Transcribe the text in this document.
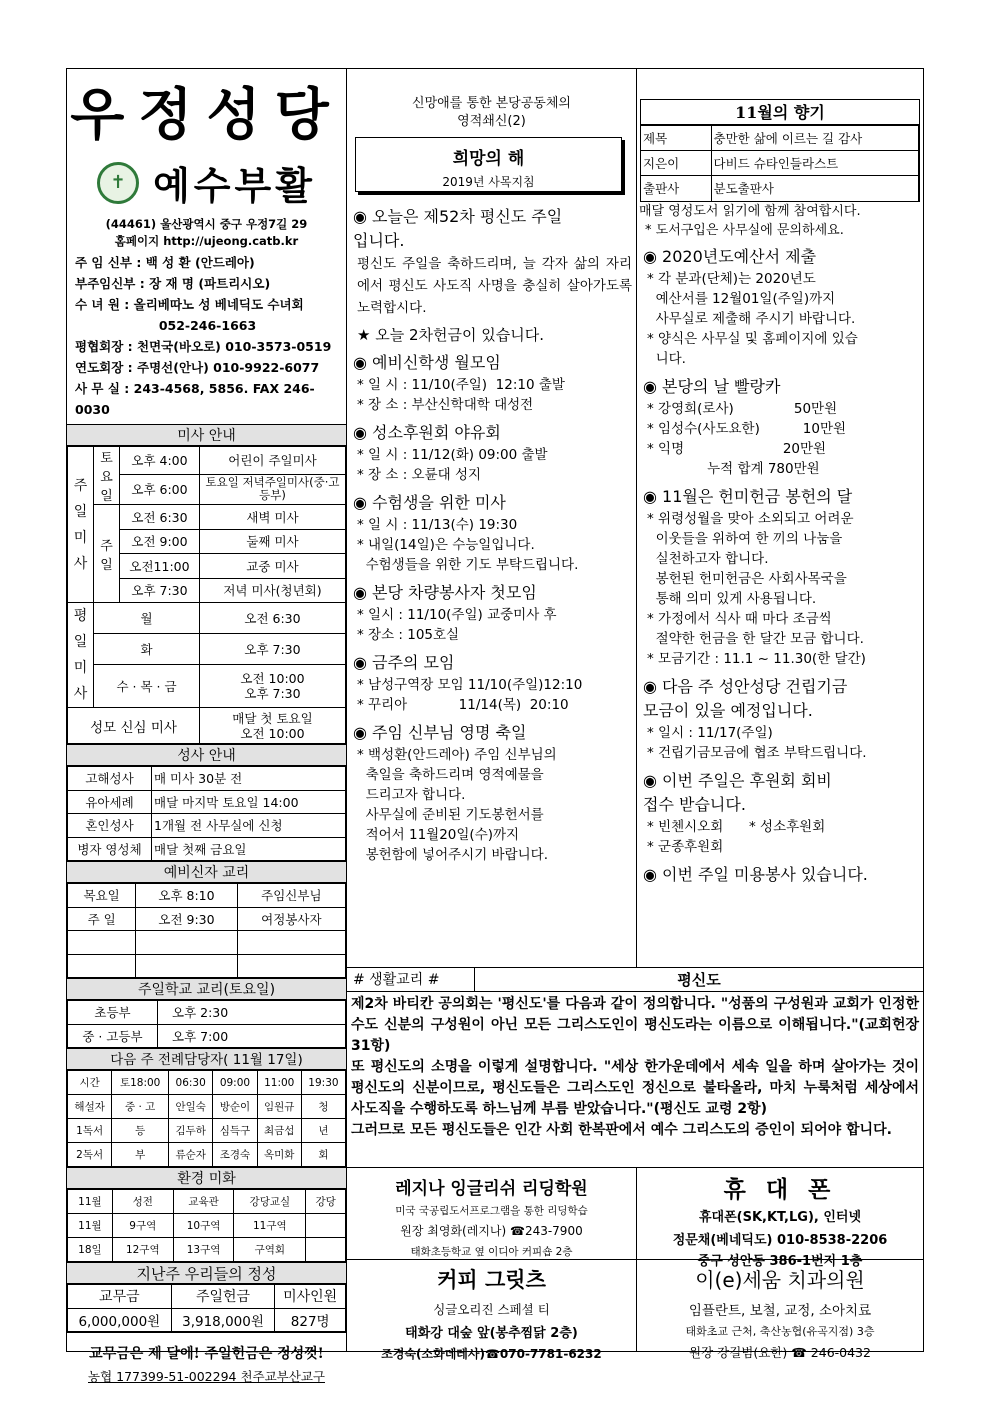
우정성당
✝ 예수부활
(44461) 울산광역시 중구 우정7길 29
홈페이지 http://ujeong.catb.kr
주 임 신부 : 백 성 환 (안드레아)
부주임신부 : 장 재 명 (파트리시오)
수 녀 원 : 올리베따노 성 베네딕도 수녀회
052-246-1663
평협회장 : 천면국(바오로) 010-3573-0519
연도회장 : 주명선(안나) 010-9922-6077
사 무 실 : 243-4568, 5856. FAX 246-0030
미사 안내
주일미사	토요일	오후 4:00	어린이 주일미사
		오후 6:00	토요일 저녁주일미사(중·고등부)
	주일	오전 6:30	새벽 미사
		오전 9:00	둘째 미사
		오전11:00	교중 미사
		오후 7:30	저녁 미사(청년회)
평일미사	월		오전 6:30
	화		오후 7:30
	수 · 목 · 금		오전 10:00
오후 7:30
성모 신심 미사			매달 첫 토요일
오전 10:00
성사 안내
고해성사	매 미사 30분 전
유아세례	매달 마지막 토요일 14:00
혼인성사	1개월 전 사무실에 신청
병자 영성체	매달 첫째 금요일
예비신자 교리
목요일	오후 8:10	주임신부님
주 일	오전 9:30	여정봉사자

주일학교 교리(토요일)
초등부	오후 2:30
중 · 고등부	오후 7:00
다음 주 전례담당자( 11월 17일)
시간	토18:00	06:30	09:00	11:00	19:30
해설자	중 · 고	안일숙	방순이	임원규	청
1독서	등	김두하	심득구	최금섭	년
2독서	부	류순자	조경숙	옥미화	회
환경 미화
11월	성전	교육관	강당교실	강당
11월	9구역	10구역	11구역	
18일	12구역	13구역	구역회	
지난주 우리들의 정성
교무금	주일헌금	미사인원
6,000,000원	3,918,000원	827명
교무금은 제 달에! 주일헌금은 정성껏!
농협 177399-51-002294 천주교부산교구
신망애를 통한 본당공동체의
영적쇄신(2)
희망의 해
2019년 사목지침
◉ 오늘은 제52차 평신도 주일
입니다.
평신도 주일을 축하드리며, 늘 각자 삶의 자리에서 평신도 사도직 사명을 충실히 살아가도록 노력합시다.
★ 오늘 2차헌금이 있습니다.
◉ 예비신학생 월모임
* 일 시 : 11/10(주일)  12:10 출발
* 장 소 : 부산신학대학 대성전
◉ 성소후원회 야유회
* 일 시 : 11/12(화) 09:00 출발
* 장 소 : 오륜대 성지
◉ 수험생을 위한 미사
* 일 시 : 11/13(수) 19:30
* 내일(14일)은 수능일입니다.
수험생들을 위한 기도 부탁드립니다.
◉ 본당 차량봉사자 첫모임
* 일시 : 11/10(주일) 교중미사 후
* 장소 : 105호실
◉ 금주의 모임
* 남성구역장 모임 11/10(주일)12:10
* 꾸리아            11/14(목)  20:10
◉ 주임 신부님 영명 축일
* 백성환(안드레아) 주임 신부님의
축일을 축하드리며 영적예물을
드리고자 합니다.
사무실에 준비된 기도봉헌서를
적어서 11월20일(수)까지
봉헌함에 넣어주시기 바랍니다.
11월의 향기
제목	충만한 삶에 이르는 길 감사
지은이	다비드 슈타인들라스트
출판사	분도출판사
매달 영성도서 읽기에 함께 참여합시다.
* 도서구입은 사무실에 문의하세요.
◉ 2020년도예산서 제출
* 각 분과(단체)는 2020년도
예산서를 12월01일(주일)까지
사무실로 제출해 주시기 바랍니다.
* 양식은 사무실 및 홈페이지에 있습
니다.
◉ 본당의 날 빨랑카
* 강영희(로사)              50만원
* 임성수(사도요한)          10만원
* 익명                       20만원
누적 합계 780만원
◉ 11월은 헌미헌금 봉헌의 달
* 위령성월을 맞아 소외되고 어려운
이웃들을 위하여 한 끼의 나눔을
실천하고자 합니다.
봉헌된 헌미헌금은 사회사목국을
통해 의미 있게 사용됩니다.
* 가정에서 식사 때 마다 조금씩
절약한 헌금을 한 달간 모금 합니다.
* 모금기간 : 11.1 ~ 11.30(한 달간)
◉ 다음 주 성안성당 건립기금
모금이 있을 예정입니다.
* 일시 : 11/17(주일)
* 건립기금모금에 협조 부탁드립니다.
◉ 이번 주일은 후원회 회비
접수 받습니다.
* 빈첸시오회      * 성소후원회
* 군종후원회
◉ 이번 주일 미용봉사 있습니다.
# 생활교리 #	평신도
제2차 바티칸 공의회는 '평신도'를 다음과 같이 정의합니다. "성품의 구성원과 교회가 인정한 수도 신분의 구성원이 아닌 모든 그리스도인이 평신도라는 이름으로 이해됩니다."(교회헌장 31항)
또 평신도의 소명을 이렇게 설명합니다. "세상 한가운데에서 세속 일을 하며 살아가는 것이 평신도의 신분이므로, 평신도들은 그리스도인 정신으로 불타올라, 마치 누룩처럼 세상에서 사도직을 수행하도록 하느님께 부름 받았습니다."(평신도 교령 2항)
그러므로 모든 평신도들은 인간 사회 한복판에서 예수 그리스도의 증인이 되어야 합니다.
레지나 잉글리쉬 리딩학원
미국 국공립도서프로그램을 통한 리딩학습
원장 최영화(레지나) ☎243-7900
태화초등학교 옆 이디아 커피숍 2층
휴 대 폰
휴대폰(SK,KT,LG), 인터넷
정문채(베네딕도) 010-8538-2206
중구 성안동 386-1번지 1층
커피 그릿츠
싱글오리진 스페셜 티
태화강 대숲 앞(봉추찜닭 2층)
조경숙(소화데레사)☎070-7781-6232
이(e)세움 치과의원
임플란트, 보철, 교정, 소아치료
태화초교 근처, 축산농협(유곡지점) 3층
원장 강길범(요한) ☎ 246-0432
